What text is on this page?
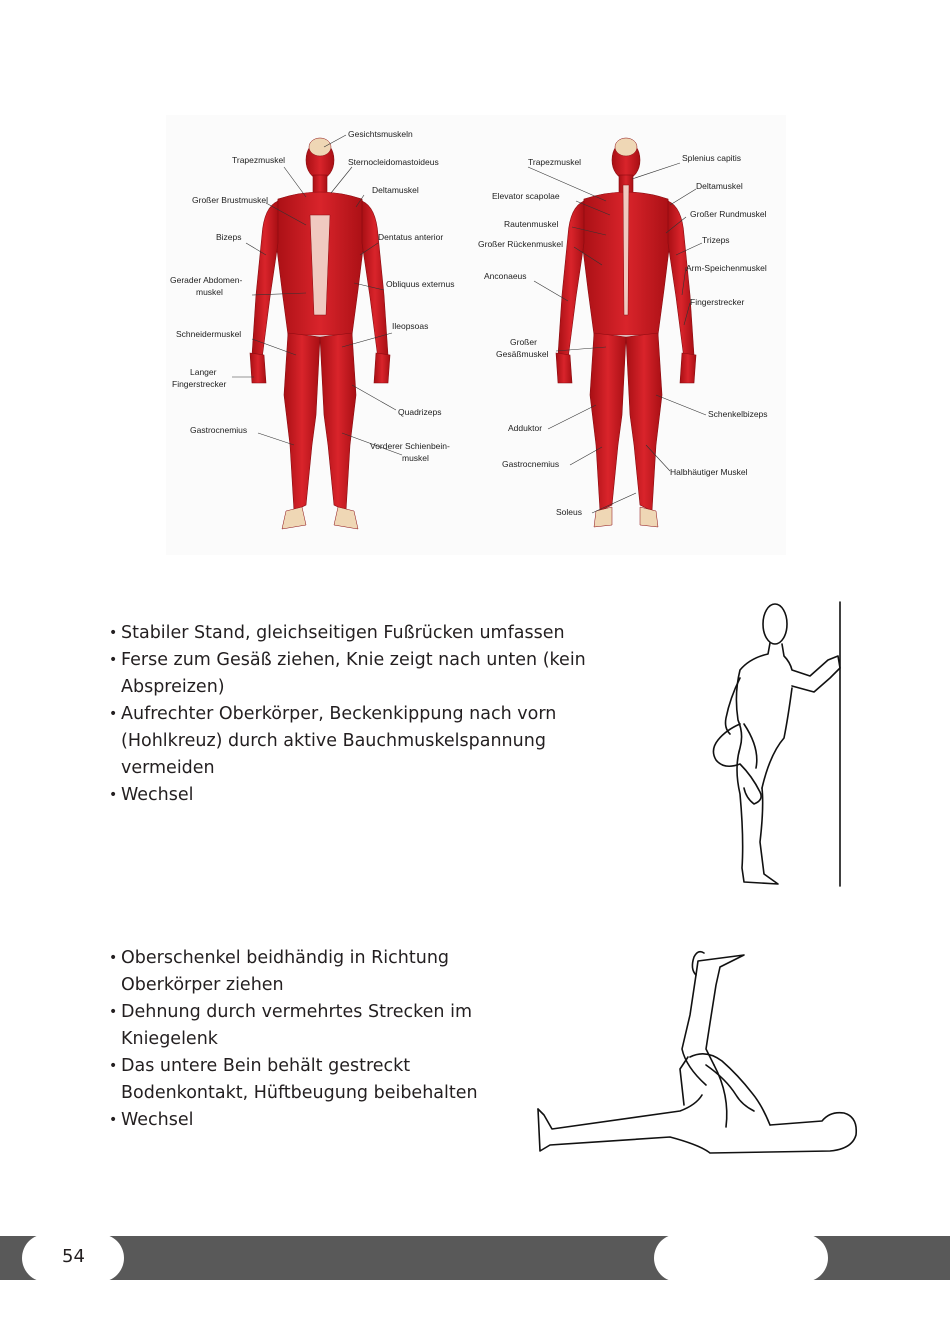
Gesichtsmuskeln
Trapezmuskel	Sternocleidomastoideus
Deltamuskel
Großer Brustmuskel
Bizeps	Dentatus anterior
Gerader Abdomen-
muskel
Obliquus externus
Ileopsoas
Schneidermuskel
Langer
Fingerstrecker
Quadrizeps
Gastrocnemius
Vorderer Schienbein-
muskel
Trapezmuskel	Splenius capitis
Deltamuskel
Elevator scapolae
Großer Rundmuskel
Rautenmuskel
Trizeps
Großer Rückenmuskel
Arm-Speichenmuskel
Anconaeus
Fingerstrecker
Großer
Gesäßmuskel
Schenkelbizeps
Adduktor
Gastrocnemius
Halbhäutiger Muskel
Soleus
• Stabiler Stand, gleichseitigen Fußrücken umfassen
• Ferse zum Gesäß ziehen, Knie zeigt nach unten (kein Abspreizen)
• Aufrechter Oberkörper, Beckenkippung nach vorn (Hohlkreuz) durch aktive Bauchmuskelspannung vermeiden
• Wechsel
• Oberschenkel beidhändig in Richtung Oberkörper ziehen
• Dehnung durch vermehrtes Strecken im Kniegelenk
• Das untere Bein behält gestreckt Bodenkontakt, Hüftbeugung beibehalten
• Wechsel
54
